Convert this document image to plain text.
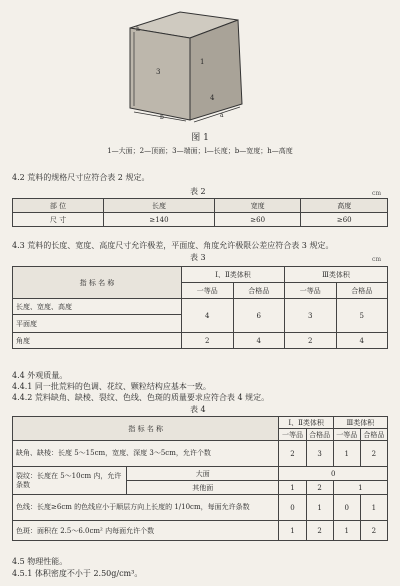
h
3
1
4
b	a
图 1
1—大面；2—顶面；3—端面；l—长度；b—宽度；h—高度
4.2 荒料的规格尺寸应符合表 2 规定。
表 2	cm
部 位	长度	宽度	高度
尺 寸	≥140	≥60	≥60
4.3 荒料的长度、宽度、高度尺寸允许极差，平面度、角度允许极限公差应符合表 3 规定。
表 3	cm
指 标 名 称	Ⅰ、Ⅱ类体积		Ⅲ类体积	
	一等品	合格品	一等品	合格品
长度、宽度、高度	4	6	3	5
平面度				
角度	2	4	2	4
4.4 外观质量。
4.4.1 同一批荒料的色调、花纹、颗粒结构应基本一致。
4.4.2 荒料缺角、缺棱、裂纹、色线、色斑的质量要求应符合表 4 规定。
表 4
指 标 名 称		Ⅰ、Ⅱ类体积		Ⅲ类体积	
		一等品	合格品	一等品	合格品
缺角、缺棱：长度 5～15cm，宽度、深度 3～5cm，允许个数		2	3	1	2
裂纹：长度在 5～10cm 内，允许条数	大面	0			
	其他面	1	2	1	
色线：长度≥6cm 的色线应小于顺层方向上长度的 1/10cm，每面允许条数		0	1	0	1
色斑：面积在 2.5～6.0cm² 内每面允许个数		1	2	1	2
4.5 物理性能。
4.5.1 体积密度不小于 2.50g/cm³。
